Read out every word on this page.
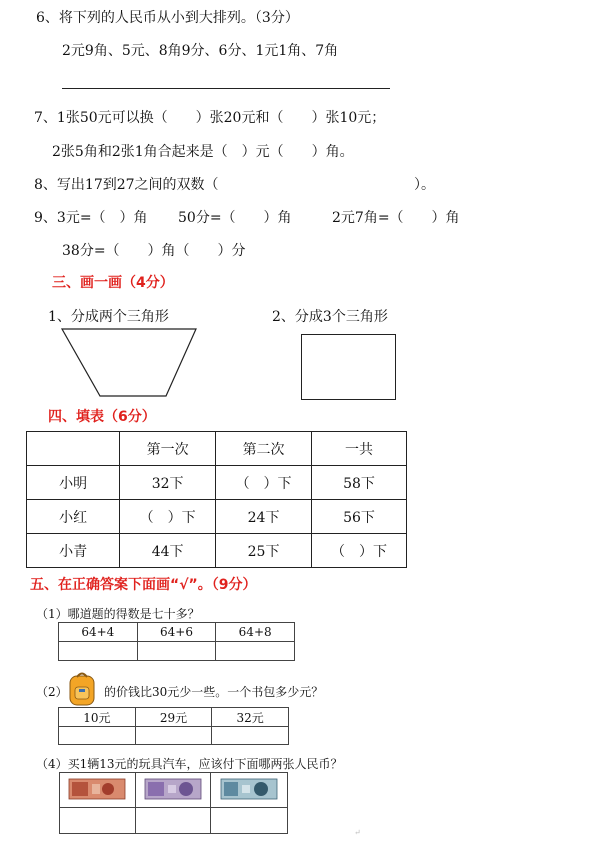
6、将下列的人民币从小到大排列。（3分）
2元9角、5元、8角9分、6分、1元1角、7角
7、1张50元可以换（　　）张20元和（　　）张10元；
2张5角和2张1角合起来是（　）元（　　）角。
8、写出17到27之间的双数（	）。
9、3元=（　）角 50分=（　　）角	2元7角=（　　）角
38分=（　　）角（　　）分
三、画一画（4分）
1、分成两个三角形	2、分成3个三角形
四、填表（6分）
	第一次	第二次	一共
小明	32下	（　）下	58下
小红	（　）下	24下	56下
小青	44下	25下	（　）下
五、在正确答案下面画“√”。（9分）
（1）哪道题的得数是七十多？
64+4	64+6	64+8

（2）	的价钱比30元少一些。一个书包多少元？
10元	29元	32元

（4）买1辆13元的玩具汽车，应该付下面哪两张人民币？

↵
